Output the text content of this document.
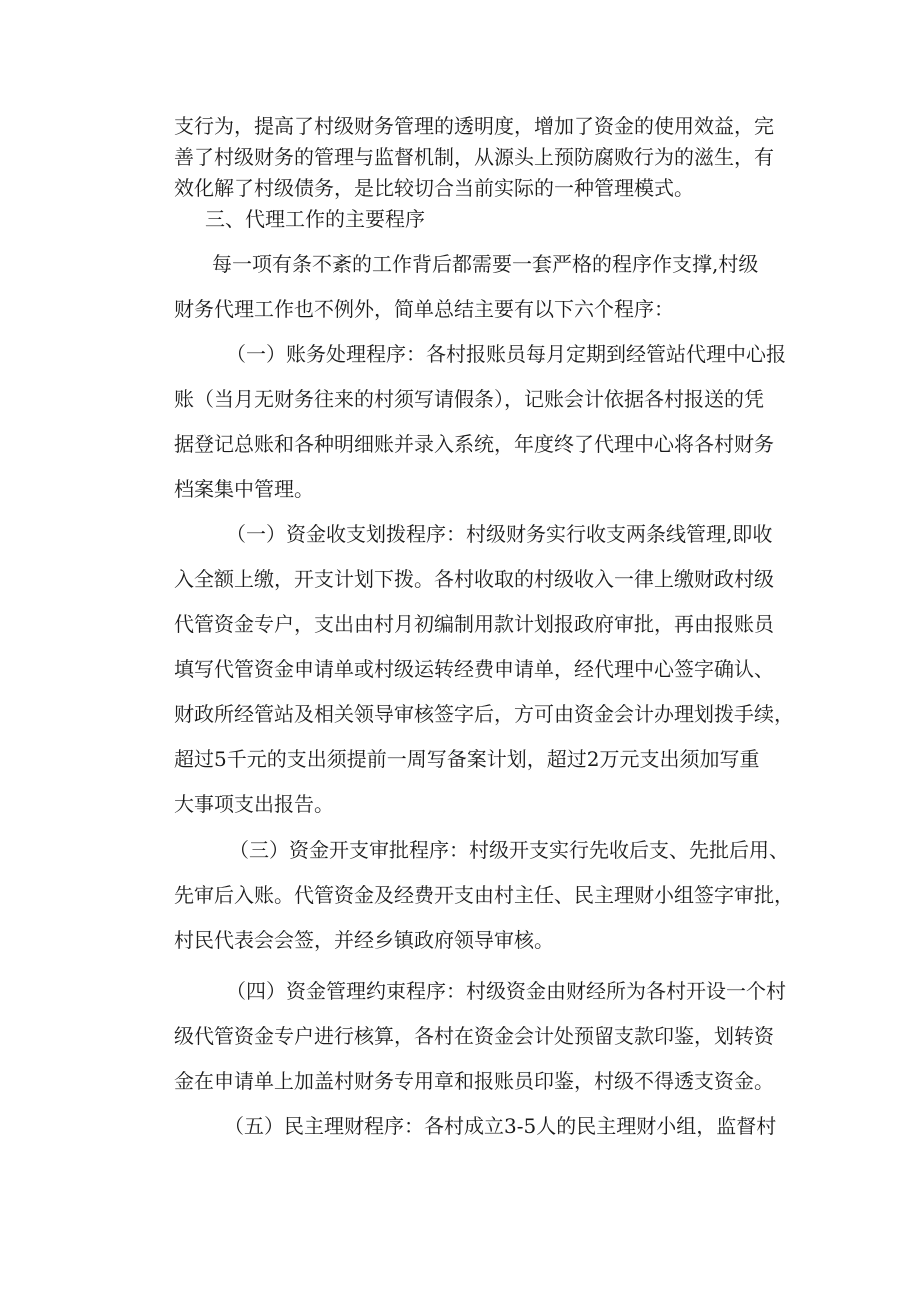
支行为，提高了村级财务管理的透明度，增加了资金的使用效益，完
善了村级财务的管理与监督机制，从源头上预防腐败行为的滋生，有
效化解了村级债务，是比较切合当前实际的一种管理模式。
三、代理工作的主要程序
每一项有条不紊的工作背后都需要一套严格的程序作支撑,村级
财务代理工作也不例外，简单总结主要有以下六个程序：
（一）账务处理程序：各村报账员每月定期到经管站代理中心报
账（当月无财务往来的村须写请假条），记账会计依据各村报送的凭
据登记总账和各种明细账并录入系统，年度终了代理中心将各村财务
档案集中管理。
（一）资金收支划拨程序：村级财务实行收支两条线管理,即收
入全额上缴，开支计划下拨。各村收取的村级收入一律上缴财政村级
代管资金专户，支出由村月初编制用款计划报政府审批，再由报账员
填写代管资金申请单或村级运转经费申请单，经代理中心签字确认、
财政所经管站及相关领导审核签字后，方可由资金会计办理划拨手续，
超过5千元的支出须提前一周写备案计划，超过2万元支出须加写重
大事项支出报告。
（三）资金开支审批程序：村级开支实行先收后支、先批后用、
先审后入账。代管资金及经费开支由村主任、民主理财小组签字审批，
村民代表会会签，并经乡镇政府领导审核。
（四）资金管理约束程序：村级资金由财经所为各村开设一个村
级代管资金专户进行核算，各村在资金会计处预留支款印鉴，划转资
金在申请单上加盖村财务专用章和报账员印鉴，村级不得透支资金。
（五）民主理财程序：各村成立3-5人的民主理财小组，监督村
